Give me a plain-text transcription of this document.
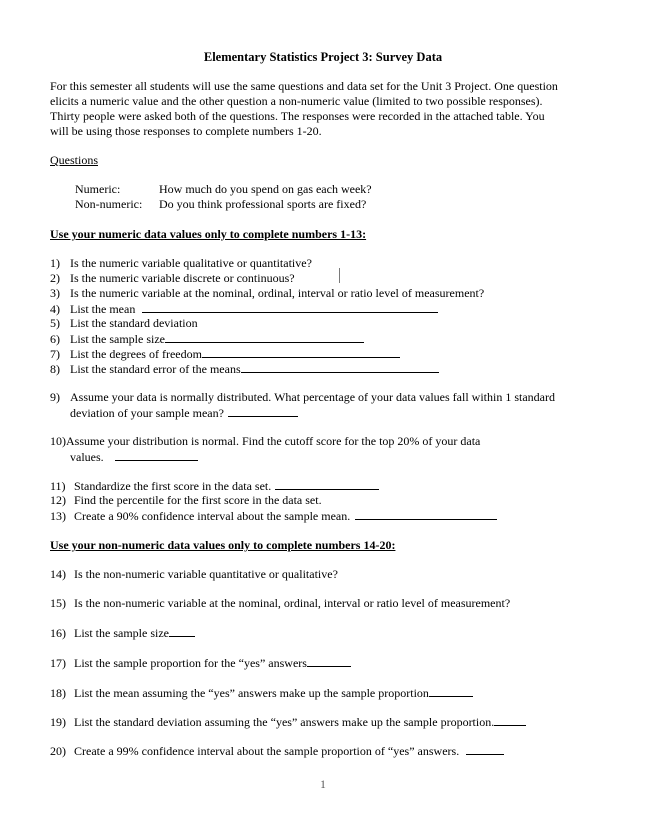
Elementary Statistics Project 3: Survey Data
For this semester all students will use the same questions and data set for the Unit 3 Project. One question
elicits a numeric value and the other question a non-numeric value (limited to two possible responses).
Thirty people were asked both of the questions. The responses were recorded in the attached table. You
will be using those responses to complete numbers 1-20.
Questions
Numeric:	How much do you spend on gas each week?
Non-numeric: Do you think professional sports are fixed?
Use your numeric data values only to complete numbers 1-13:
1) Is the numeric variable qualitative or quantitative?
2) Is the numeric variable discrete or continuous?
3) Is the numeric variable at the nominal, ordinal, interval or ratio level of measurement?
4) List the mean
5) List the standard deviation
6) List the sample size
7) List the degrees of freedom
8) List the standard error of the means
9) Assume your data is normally distributed. What percentage of your data values fall within 1 standard
deviation of your sample mean?
10)Assume your distribution is normal. Find the cutoff score for the top 20% of your data
values.
11) Standardize the first score in the data set.
12) Find the percentile for the first score in the data set.
13) Create a 90% confidence interval about the sample mean.
Use your non-numeric data values only to complete numbers 14-20:
14) Is the non-numeric variable quantitative or qualitative?
15) Is the non-numeric variable at the nominal, ordinal, interval or ratio level of measurement?
16) List the sample size
17) List the sample proportion for the “yes” answers
18) List the mean assuming the “yes” answers make up the sample proportion
19) List the standard deviation assuming the “yes” answers make up the sample proportion.
20) Create a 99% confidence interval about the sample proportion of “yes” answers.
1
